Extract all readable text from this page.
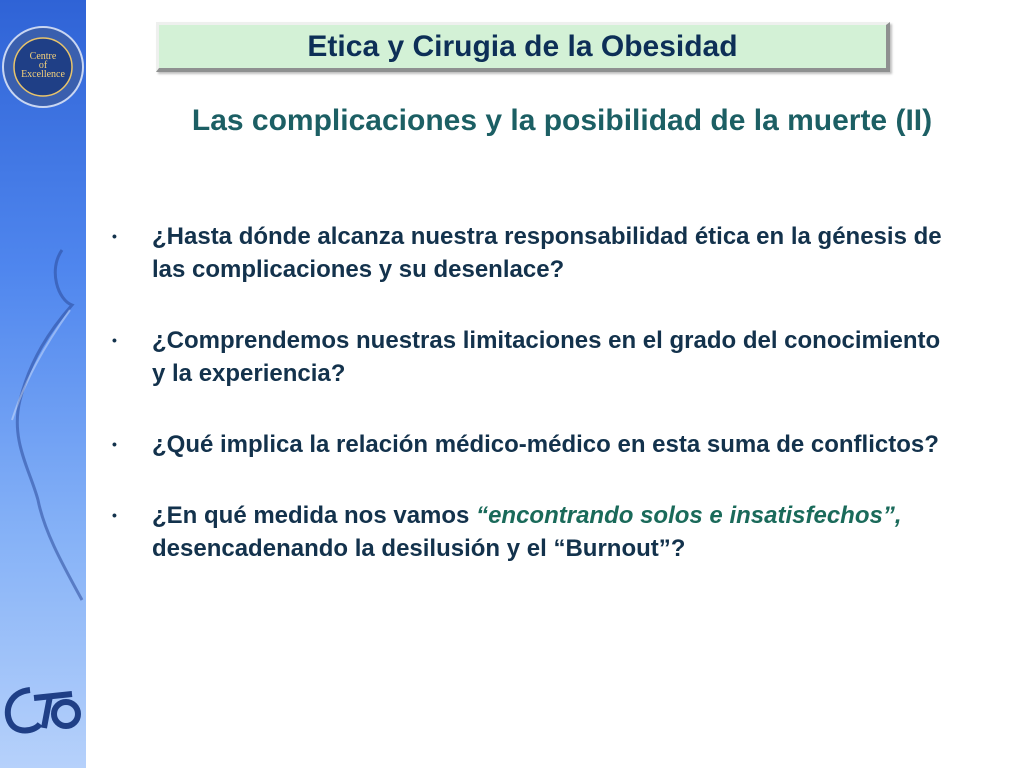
Centre
of
Excellence
Etica y Cirugia de la Obesidad
Las complicaciones y la posibilidad de la muerte (II)
• ¿Hasta dónde alcanza nuestra responsabilidad ética en la génesis de las complicaciones y su desenlace?
• ¿Comprendemos nuestras limitaciones en el grado del conocimiento y la experiencia?
• ¿Qué implica la relación médico-médico en esta suma de conflictos?
• ¿En qué medida nos vamos “encontrando solos e insatisfechos”, desencadenando la desilusión y el “Burnout”?
